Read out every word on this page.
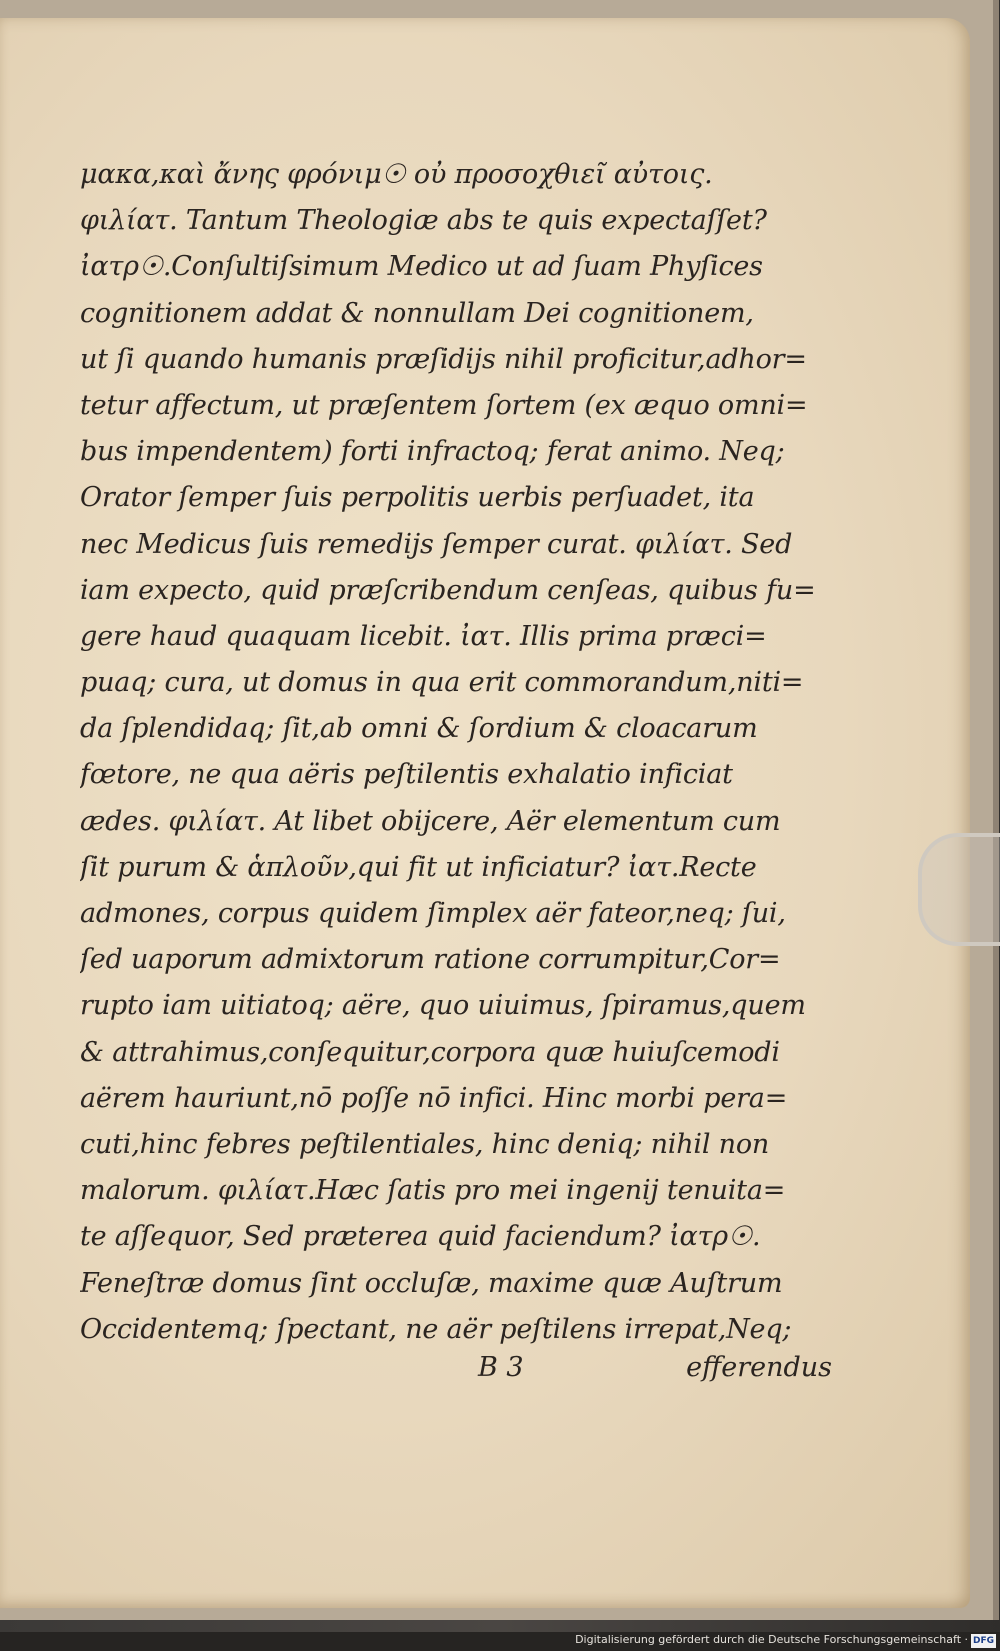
μακα,καὶ ἄνης φρόνιμ☉ οὐ προσοχθιεῖ αὐτοις.
φιλίατ. Tantum Theologiæ abs te quis expectaſſet?
ἰατρ☉.Conſultiſsimum Medico ut ad ſuam Phyſices
cognitionem addat & nonnullam Dei cognitionem,
ut ſi quando humanis præſidijs nihil proficitur,adhor=
tetur affectum, ut præſentem ſortem (ex æquo omni=
bus impendentem) forti infractoq; ferat animo. Neq;
Orator ſemper ſuis perpolitis uerbis perſuadet, ita
nec Medicus ſuis remedijs ſemper curat. φιλίατ. Sed
iam expecto, quid præſcribendum cenſeas, quibus fu=
gere haud quaquam licebit. ἰατ. Illis prima præci=
puaq; cura, ut domus in qua erit commorandum,niti=
da ſplendidaq; ſit,ab omni & ſordium & cloacarum
fœtore, ne qua aëris peſtilentis exhalatio inficiat
ædes. φιλίατ. At libet obijcere, Aër elementum cum
ſit purum & ἁπλοῦν,qui fit ut inficiatur? ἰατ.Recte
admones, corpus quidem ſimplex aër fateor,neq; ſui,
ſed uaporum admixtorum ratione corrumpitur,Cor=
rupto iam uitiatoq; aëre, quo uiuimus, ſpiramus,quem
& attrahimus,conſequitur,corpora quæ huiuſcemodi
aërem hauriunt,nō poſſe nō infici. Hinc morbi pera=
cuti,hinc febres peſtilentiales, hinc deniq; nihil non
malorum. φιλίατ.Hæc ſatis pro mei ingenij tenuita=
te aſſequor, Sed præterea quid faciendum? ἰατρ☉.
Feneſtræ domus ſint occluſæ, maxime quæ Auſtrum
Occidentemq; ſpectant, ne aër peſtilens irrepat,Neq;
B 3	efferendus
Digitalisierung gefördert durch die Deutsche Forschungsgemeinschaft · DFG
